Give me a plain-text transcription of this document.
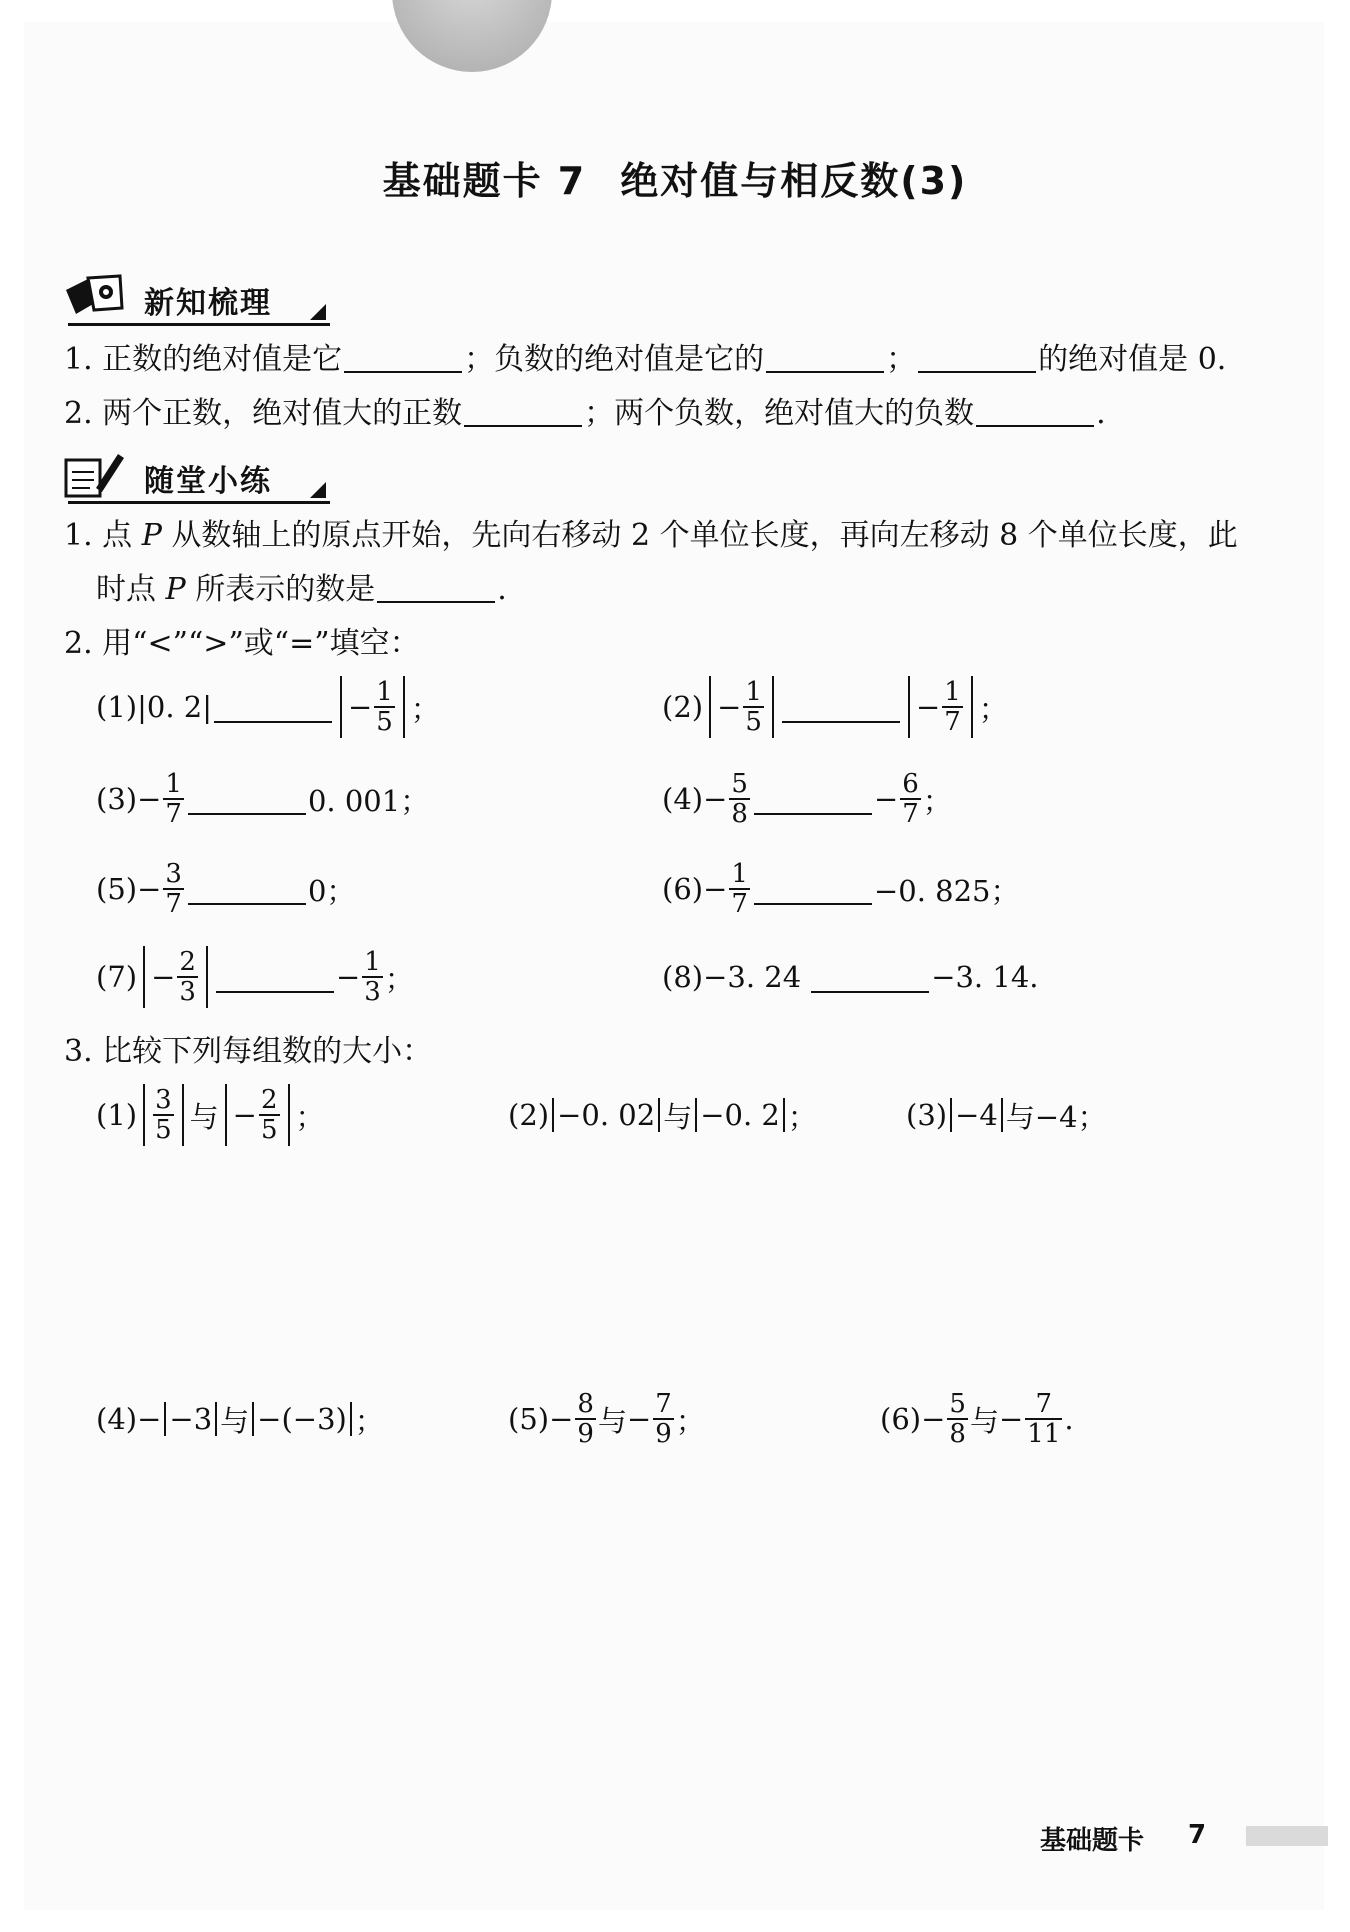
基础题卡 7 绝对值与相反数(3)
新知梳理
1. 正数的绝对值是它	；负数的绝对值是它的	；	的绝对值是 0.
2. 两个正数，绝对值大的正数	；两个负数，绝对值大的负数	.
随堂小练
1. 点 P 从数轴上的原点开始，先向右移动 2 个单位长度，再向左移动 8 个单位长度，此
时点 P 所表示的数是	.
2. 用“<”“>”或“=”填空：
(1) |0. 2|	− $\frac{1}{5}$ ；	$(2) - \frac{1}{5}$	− $\frac{1}{7}$ ；
$(3) - \frac{1}{7}$	0. 001；	$(4) - \frac{5}{8}$	− $\frac{6}{7}$ ；
$(5) - \frac{3}{7}$	0；	$(6) - \frac{1}{7}$	−0. 825；
$(7) - \frac{2}{3}$	− $\frac{1}{3}$ ；	(8) −3. 24	−3. 14.
3. 比较下列每组数的大小：
$(1) \frac{3}{5}$ 与 − $\frac{2}{5}$ ；	(2) −0. 02 与 −0. 2 ；	(3) −4 与−4；
(4) − −3 与 −(−3) ；	$(5) - \frac{8}{9}$ 与 − $\frac{7}{9}$ ；	$(6) - \frac{5}{8}$ 与 − $\frac{7}{11}$ .
基础题卡 7
